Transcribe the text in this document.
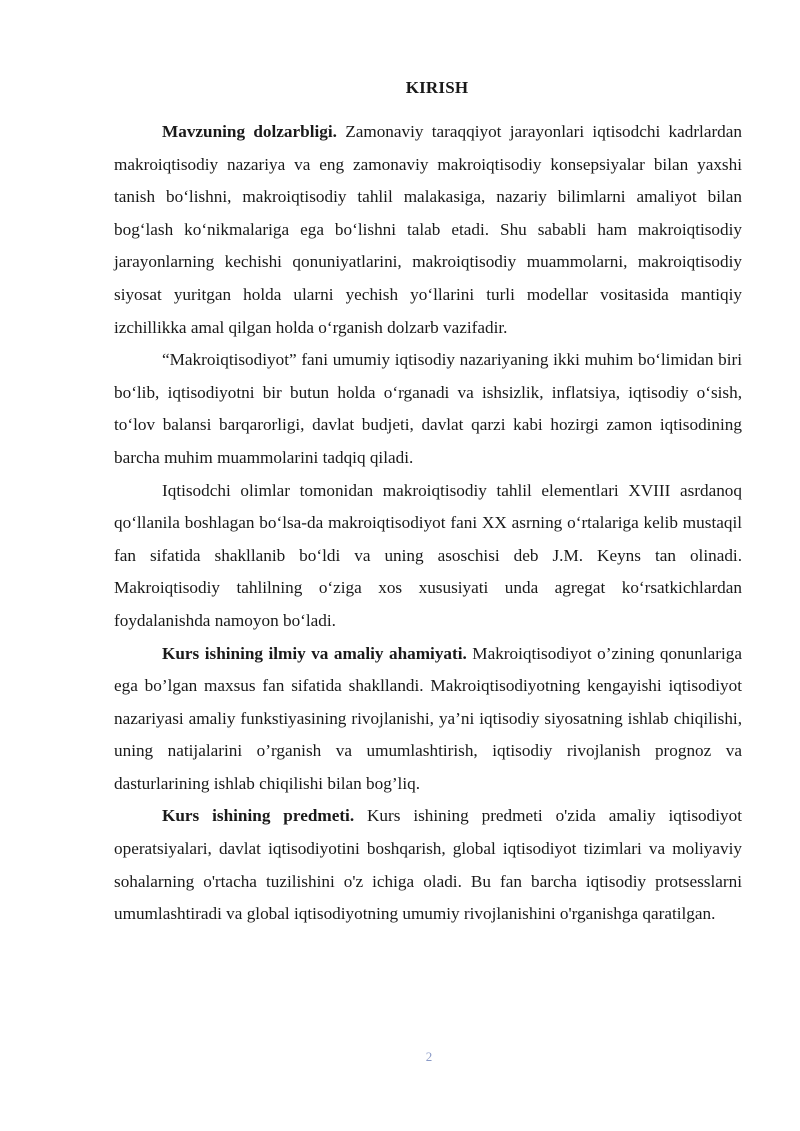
KIRISH

Mavzuning dolzarbligi. Zamonaviy taraqqiyot jarayonlari iqtisodchi kadrlardan makroiqtisodiy nazariya va eng zamonaviy makroiqtisodiy konsepsiyalar bilan yaxshi tanish bo‘lishni, makroiqtisodiy tahlil malakasiga, nazariy bilimlarni amaliyot bilan bog‘lash ko‘nikmalariga ega bo‘lishni talab etadi. Shu sababli ham makroiqtisodiy jarayonlarning kechishi qonuniyatlarini, makroiqtisodiy muammolarni, makroiqtisodiy siyosat yuritgan holda ularni yechish yo‘llarini turli modellar vositasida mantiqiy izchillikka amal qilgan holda o‘rganish dolzarb vazifadir.

“Makroiqtisodiyot” fani umumiy iqtisodiy nazariyaning ikki muhim bo‘limidan biri bo‘lib, iqtisodiyotni bir butun holda o‘rganadi va ishsizlik, inflatsiya, iqtisodiy o‘sish, to‘lov balansi barqarorligi, davlat budjeti, davlat qarzi kabi hozirgi zamon iqtisodining barcha muhim muammolarini tadqiq qiladi.

Iqtisodchi olimlar tomonidan makroiqtisodiy tahlil elementlari XVIII asrdanoq qo‘llanila boshlagan bo‘lsa-da makroiqtisodiyot fani XX asrning o‘rtalariga kelib mustaqil fan sifatida shakllanib bo‘ldi va uning asoschisi deb J.M. Keyns tan olinadi. Makroiqtisodiy tahlilning o‘ziga xos xususiyati unda agregat ko‘rsatkichlardan foydalanishda namoyon bo‘ladi.

Kurs ishining ilmiy va amaliy ahamiyati. Makroiqtisodiyot o’zining qonunlariga ega bo’lgan maxsus fan sifatida shakllandi. Makroiqtisodiyotning kengayishi iqtisodiyot nazariyasi amaliy funkstiyasining rivojlanishi, ya’ni iqtisodiy siyosatning ishlab chiqilishi, uning natijalarini o’rganish va umumlashtirish, iqtisodiy rivojlanish prognoz va dasturlarining ishlab chiqilishi bilan bog’liq.

Kurs ishining predmeti. Kurs ishining predmeti o'zida amaliy iqtisodiyot operatsiyalari, davlat iqtisodiyotini boshqarish, global iqtisodiyot tizimlari va moliyaviy sohalarning o'rtacha tuzilishini o'z ichiga oladi. Bu fan barcha iqtisodiy protsesslarni umumlashtiradi va global iqtisodiyotning umumiy rivojlanishini o'rganishga qaratilgan.

2
